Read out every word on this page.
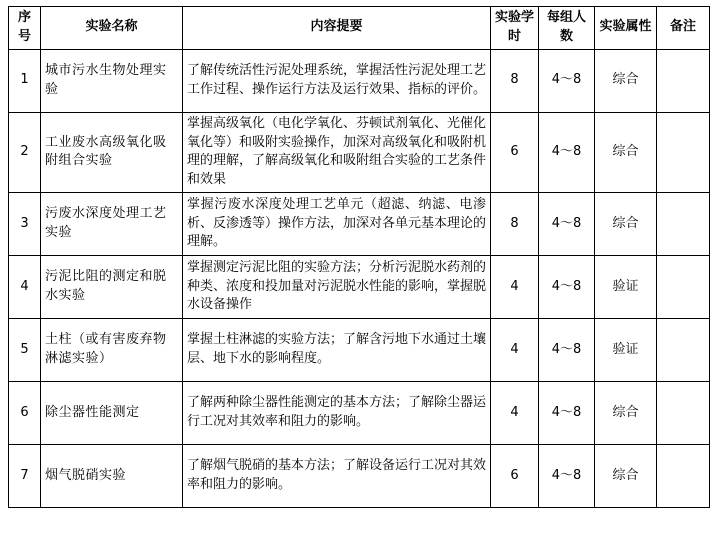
序号	实验名称	内容提要	实验学时	每组人数	实验属性	备注
1	城市污水生物处理实验	了解传统活性污泥处理系统，掌握活性污泥处理工艺工作过程、操作运行方法及运行效果、指标的评价。	8	4～8	综合	
2	工业废水高级氧化吸附组合实验	掌握高级氧化（电化学氧化、芬顿试剂氧化、光催化氧化等）和吸附实验操作，加深对高级氧化和吸附机理的理解，了解高级氧化和吸附组合实验的工艺条件和效果	6	4～8	综合	
3	污废水深度处理工艺实验	掌握污废水深度处理工艺单元（超滤、纳滤、电渗析、反渗透等）操作方法，加深对各单元基本理论的理解。	8	4～8	综合	
4	污泥比阻的测定和脱水实验	掌握测定污泥比阻的实验方法；分析污泥脱水药剂的种类、浓度和投加量对污泥脱水性能的影响，掌握脱水设备操作	4	4～8	验证	
5	土柱（或有害废弃物淋滤实验）	掌握土柱淋滤的实验方法；了解含污地下水通过土壤层、地下水的影响程度。	4	4～8	验证	
6	除尘器性能测定	了解两种除尘器性能测定的基本方法；了解除尘器运行工况对其效率和阻力的影响。	4	4～8	综合	
7	烟气脱硝实验	了解烟气脱硝的基本方法；了解设备运行工况对其效率和阻力的影响。	6	4～8	综合	
